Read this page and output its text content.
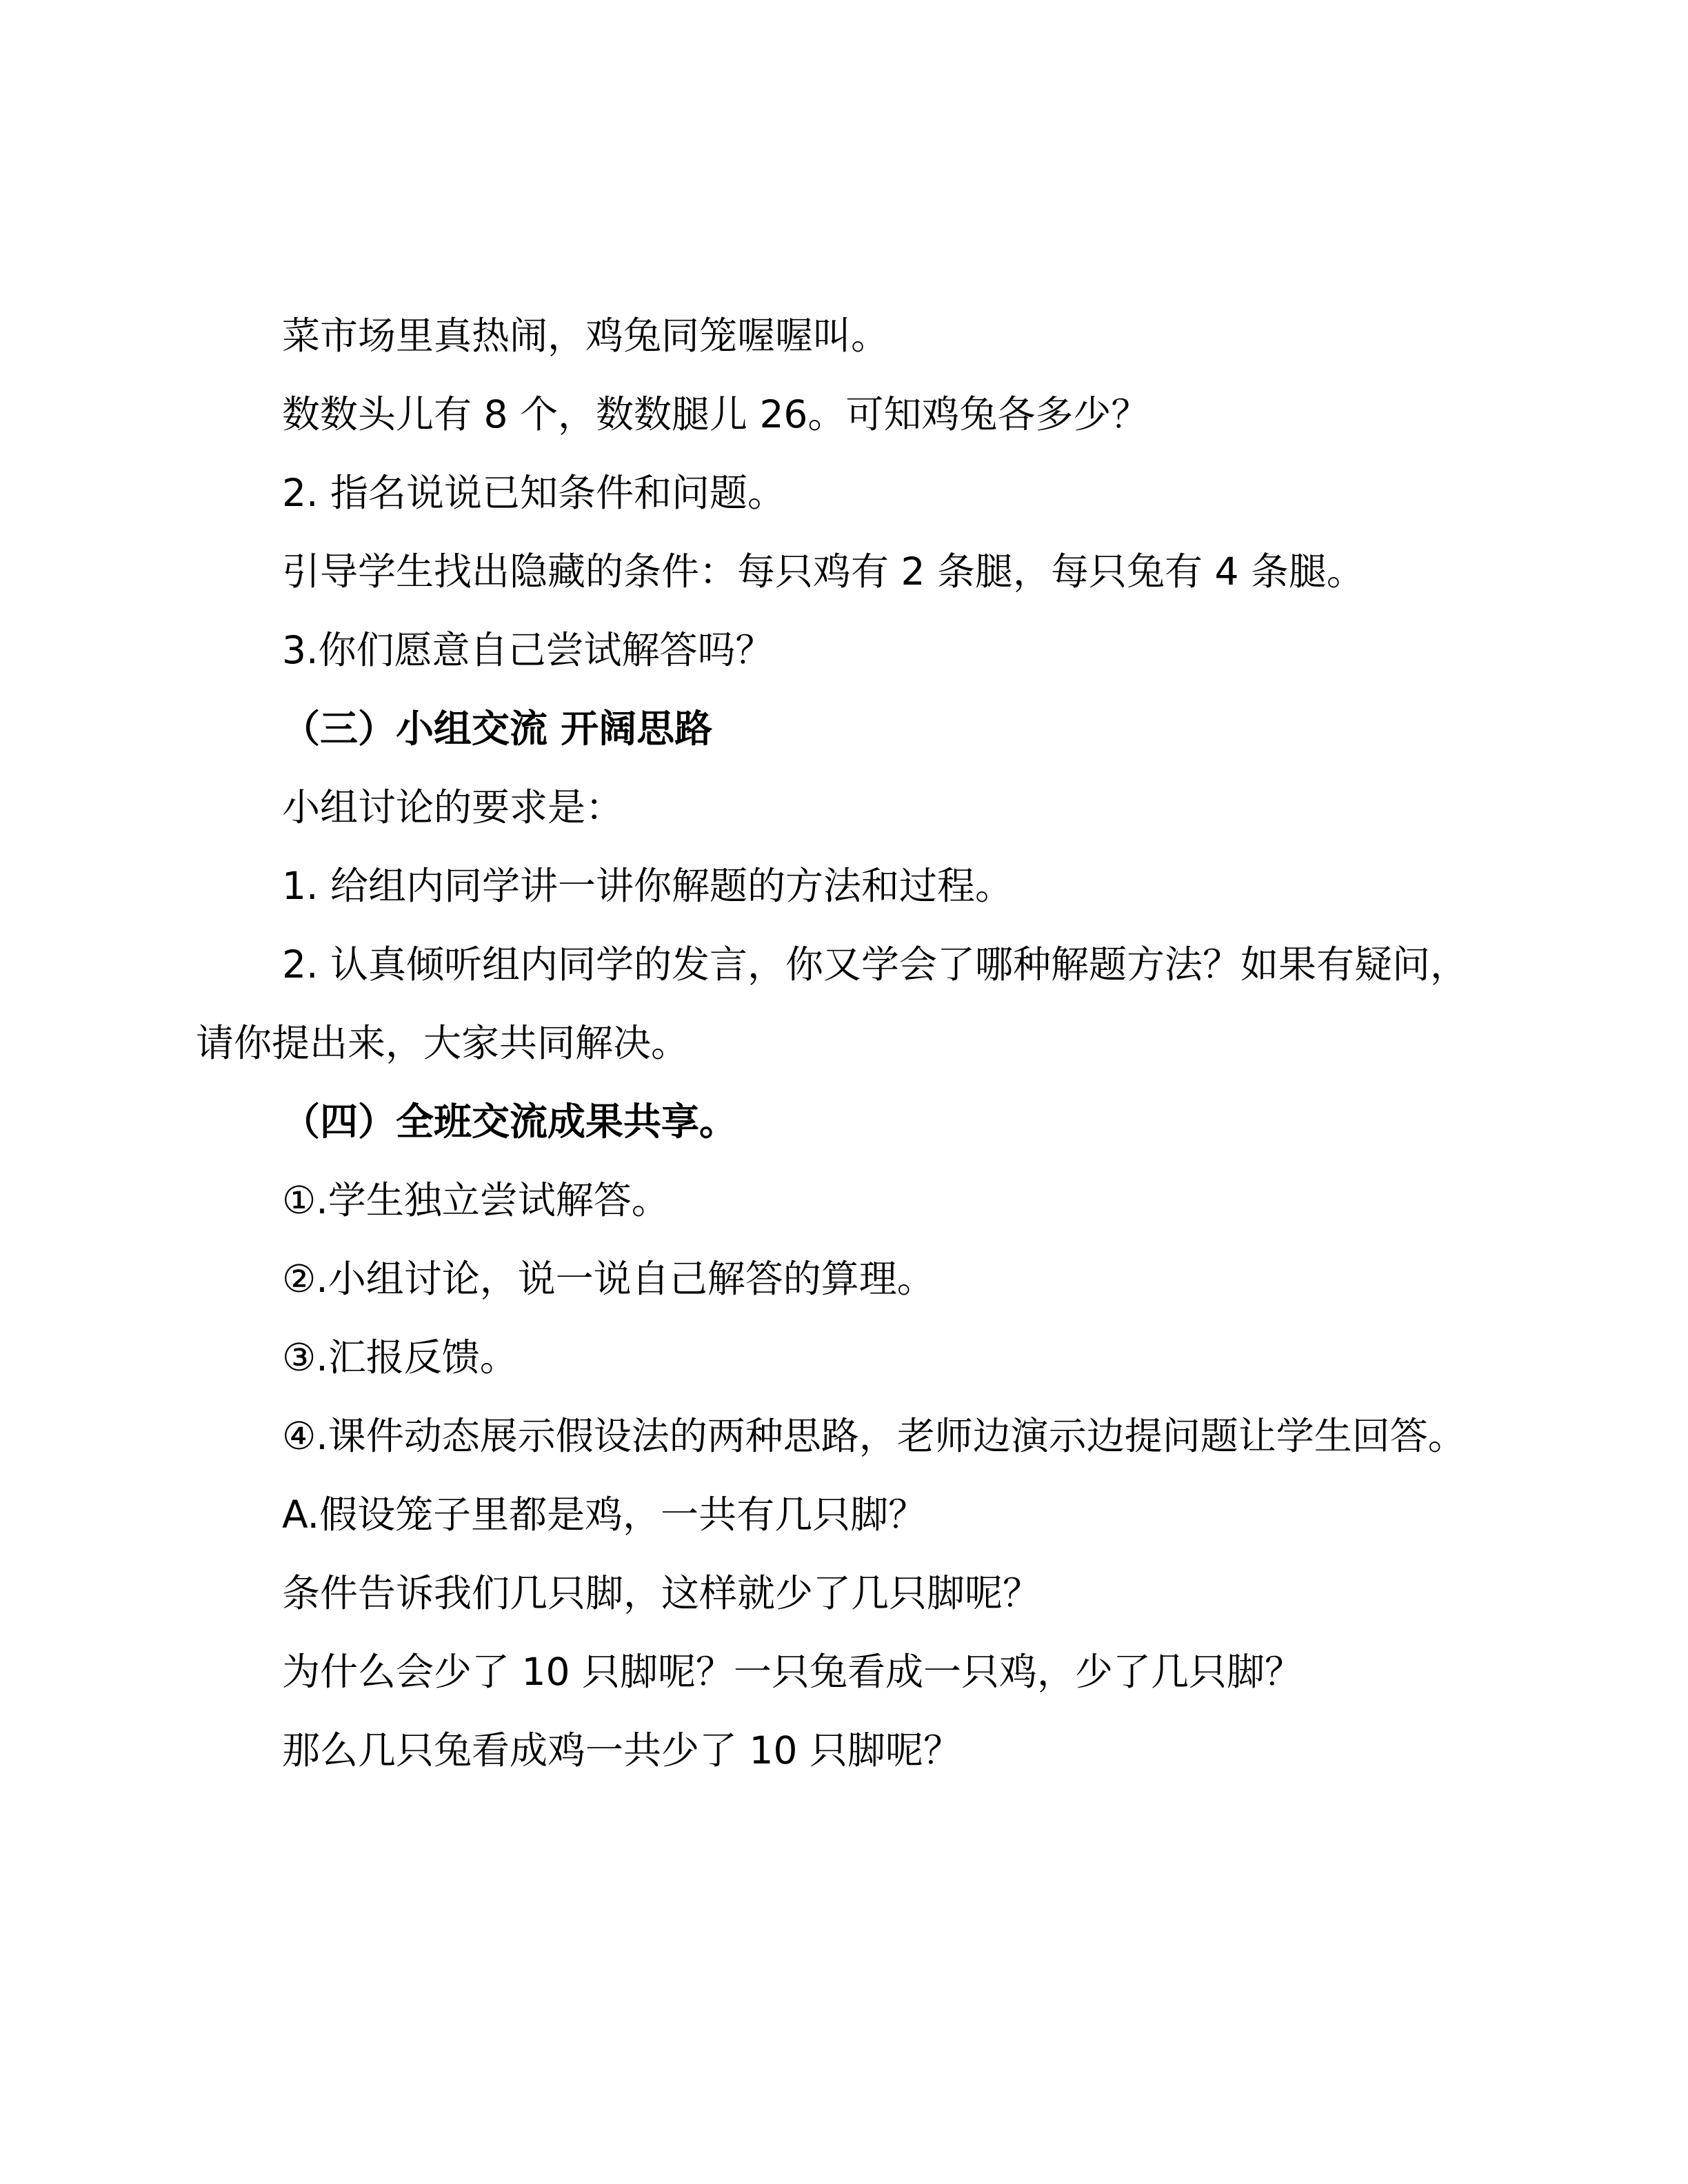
菜市场里真热闹，鸡兔同笼喔喔叫。

数数头儿有 8 个，数数腿儿 26。可知鸡兔各多少？

2. 指名说说已知条件和问题。

引导学生找出隐藏的条件：每只鸡有 2 条腿，每只兔有 4 条腿。

3.你们愿意自己尝试解答吗？

（三）小组交流 开阔思路

小组讨论的要求是：

1. 给组内同学讲一讲你解题的方法和过程。

2. 认真倾听组内同学的发言，你又学会了哪种解题方法？如果有疑问，请你提出来，大家共同解决。

（四）全班交流成果共享。

①.学生独立尝试解答。

②.小组讨论，说一说自己解答的算理。

③.汇报反馈。

④.课件动态展示假设法的两种思路，老师边演示边提问题让学生回答。

A.假设笼子里都是鸡，一共有几只脚？

条件告诉我们几只脚，这样就少了几只脚呢？

为什么会少了 10 只脚呢？一只兔看成一只鸡，少了几只脚？

那么几只兔看成鸡一共少了 10 只脚呢？
